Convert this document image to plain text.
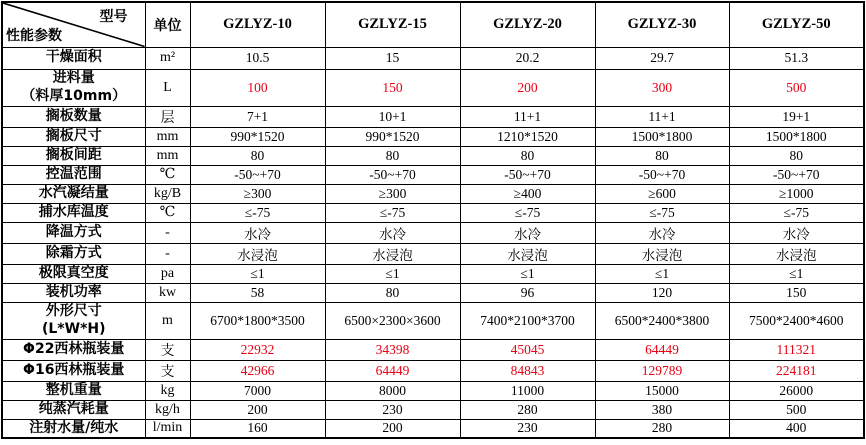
型号
性能参数	单位	GZLYZ-10	GZLYZ-15	GZLYZ-20	GZLYZ-30	GZLYZ-50
干燥面积	m²	10.5	15	20.2	29.7	51.3

进料量
（料厚10mm）	L	100	150	200	300	500
搁板数量	层	7+1	10+1	11+1	11+1	19+1
搁板尺寸	mm	990*1520	990*1520	1210*1520	1500*1800	1500*1800
搁板间距	mm	80	80	80	80	80
控温范围	℃	-50~+70	-50~+70	-50~+70	-50~+70	-50~+70
水汽凝结量	kg/B	≥300	≥300	≥400	≥600	≥1000
捕水库温度	℃	≤-75	≤-75	≤-75	≤-75	≤-75
降温方式	-	水冷	水冷	水冷	水冷	水冷
除霜方式	-	水浸泡	水浸泡	水浸泡	水浸泡	水浸泡
极限真空度	pa	≤1	≤1	≤1	≤1	≤1
装机功率	kw	58	80	96	120	150

外形尺寸
(L*W*H)	m	6700*1800*3500	6500×2300×3600	7400*2100*3700	6500*2400*3800	7500*2400*4600
Φ22西林瓶装量	支	22932	34398	45045	64449	111321
Φ16西林瓶装量	支	42966	64449	84843	129789	224181
整机重量	kg	7000	8000	11000	15000	26000
纯蒸汽耗量	kg/h	200	230	280	380	500
注射水量/纯水	l/min	160	200	230	280	400
